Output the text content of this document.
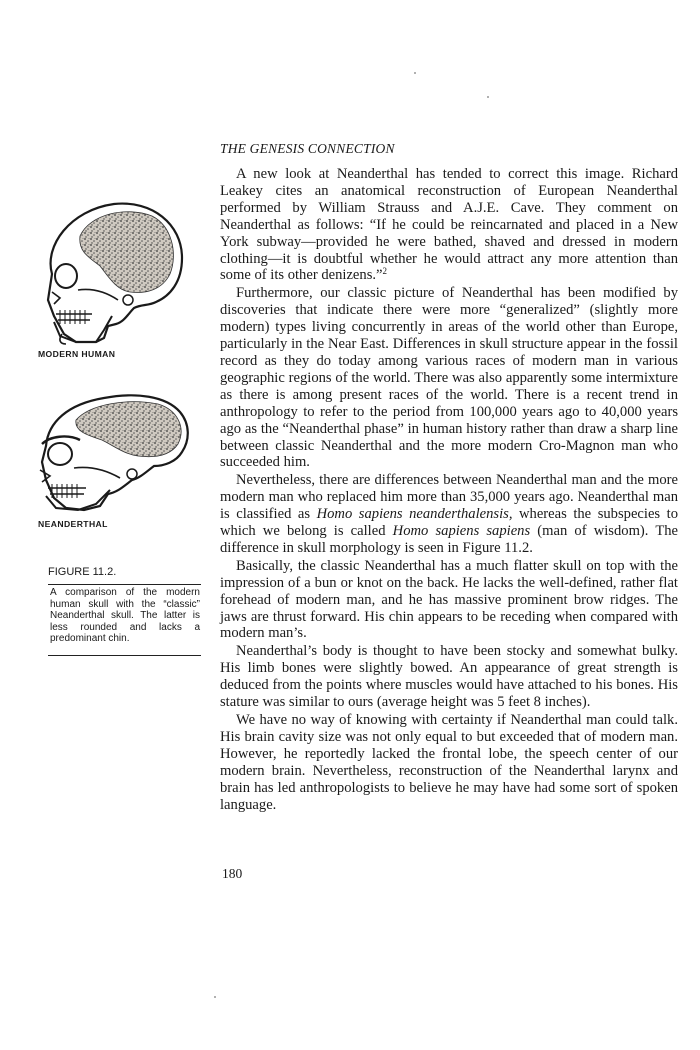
MODERN HUMAN
NEANDERTHAL
FIGURE 11.2.
A comparison of the modern human skull with the “classic” Neanderthal skull. The latter is less rounded and lacks a predominant chin.
THE GENESIS CONNECTION

A new look at Neanderthal has tended to correct this image. Richard Leakey cites an anatomical reconstruction of European Neanderthal performed by William Strauss and A.J.E. Cave. They comment on Neanderthal as follows: “If he could be reincarnated and placed in a New York subway—provided he were bathed, shaved and dressed in modern clothing—it is doubtful whether he would attract any more attention than some of its other denizens.”$^2$

Furthermore, our classic picture of Neanderthal has been modified by discoveries that indicate there were more “generalized” (slightly more modern) types living concurrently in areas of the world other than Europe, particularly in the Near East. Differences in skull structure appear in the fossil record as they do today among various races of modern man in various geographic regions of the world. There was also apparently some intermixture as there is among present races of the world. There is a recent trend in anthropology to refer to the period from 100,000 years ago to 40,000 years ago as the “Neanderthal phase” in human history rather than draw a sharp line between classic Neanderthal and the more modern Cro-Magnon man who succeeded him.

Nevertheless, there are differences between Neanderthal man and the more modern man who replaced him more than 35,000 years ago. Neanderthal man is classified as Homo sapiens neanderthalensis, whereas the subspecies to which we belong is called Homo sapiens sapiens (man of wisdom). The difference in skull morphology is seen in Figure 11.2.

Basically, the classic Neanderthal has a much flatter skull on top with the impression of a bun or knot on the back. He lacks the well-defined, rather flat forehead of modern man, and he has massive prominent brow ridges. The jaws are thrust forward. His chin appears to be receding when compared with modern man’s.

Neanderthal’s body is thought to have been stocky and somewhat bulky. His limb bones were slightly bowed. An appearance of great strength is deduced from the points where muscles would have attached to his bones. His stature was similar to ours (average height was 5 feet 8 inches).

We have no way of knowing with certainty if Neanderthal man could talk. His brain cavity size was not only equal to but exceeded that of modern man. However, he reportedly lacked the frontal lobe, the speech center of our modern brain. Nevertheless, reconstruction of the Neanderthal larynx and brain has led anthropologists to believe he may have had some sort of spoken language.

180
